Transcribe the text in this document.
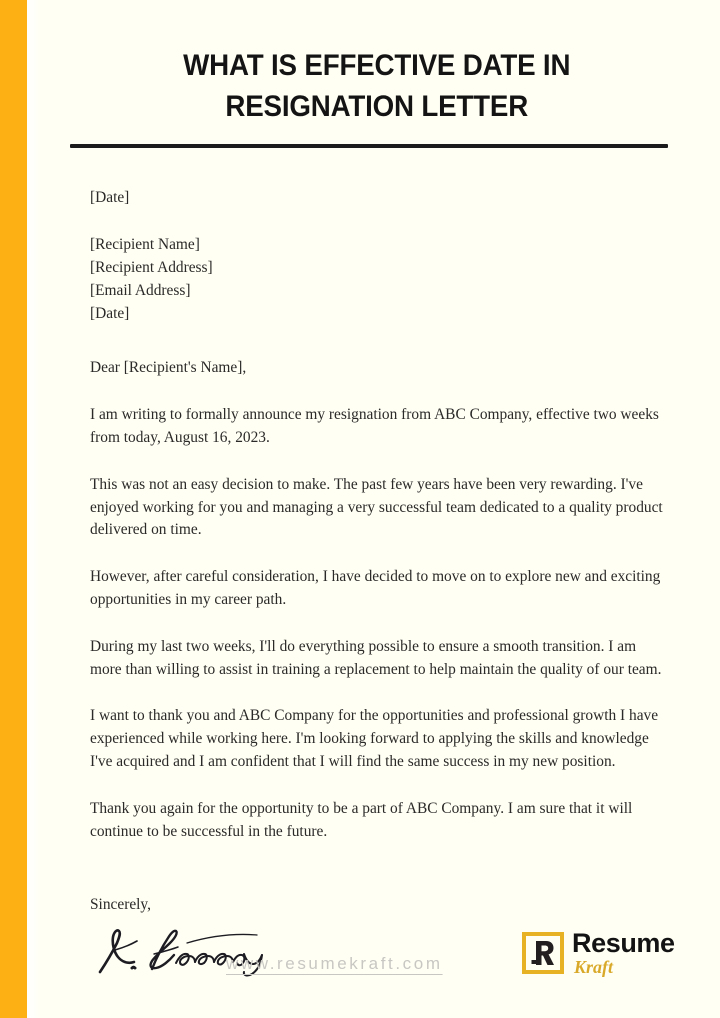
WHAT IS EFFECTIVE DATE IN
RESIGNATION LETTER

[Date]

[Recipient Name]
[Recipient Address]
[Email Address]
[Date]

Dear [Recipient's Name],

I am writing to formally announce my resignation from ABC Company, effective two weeks from today, August 16, 2023.

This was not an easy decision to make. The past few years have been very rewarding. I've enjoyed working for you and managing a very successful team dedicated to a quality product delivered on time.

However, after careful consideration, I have decided to move on to explore new and exciting opportunities in my career path.

During my last two weeks, I'll do everything possible to ensure a smooth transition. I am more than willing to assist in training a replacement to help maintain the quality of our team.

I want to thank you and ABC Company for the opportunities and professional growth I have experienced while working here. I'm looking forward to applying the skills and knowledge I've acquired and I am confident that I will find the same success in my new position.

Thank you again for the opportunity to be a part of ABC Company. I am sure that it will continue to be successful in the future.

Sincerely,

www.resumekraft.com
Resume
Kraft
